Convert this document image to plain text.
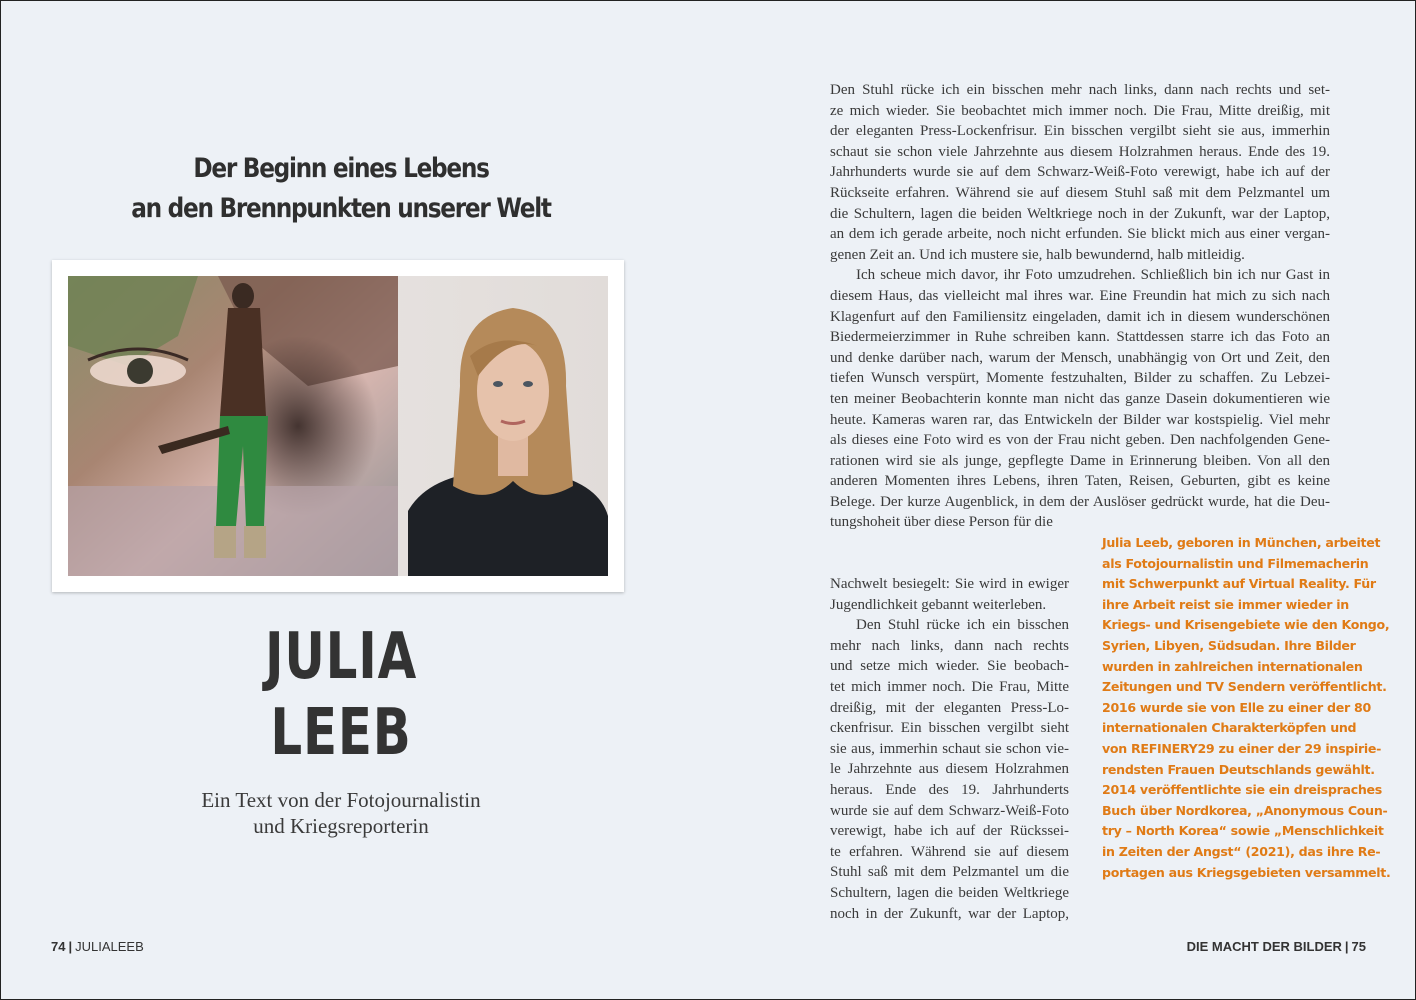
Der Beginn eines Lebens
an den Brennpunkten unserer Welt
JULIA
LEEB
Ein Text von der Fotojournalistin
und Kriegsreporterin
74 | JULIALEEB
Den Stuhl rücke ich ein bisschen mehr nach links, dann nach rechts und set-
ze mich wieder. Sie beobachtet mich immer noch. Die Frau, Mitte dreißig, mit
der eleganten Press-Lockenfrisur. Ein bisschen vergilbt sieht sie aus, immerhin
schaut sie schon viele Jahrzehnte aus diesem Holzrahmen heraus. Ende des 19.
Jahrhunderts wurde sie auf dem Schwarz-Weiß-Foto verewigt, habe ich auf der
Rückseite erfahren. Während sie auf diesem Stuhl saß mit dem Pelzmantel um
die Schultern, lagen die beiden Weltkriege noch in der Zukunft, war der Laptop,
an dem ich gerade arbeite, noch nicht erfunden. Sie blickt mich aus einer vergan-
genen Zeit an. Und ich mustere sie, halb bewundernd, halb mitleidig.
Ich scheue mich davor, ihr Foto umzudrehen. Schließlich bin ich nur Gast in
diesem Haus, das vielleicht mal ihres war. Eine Freundin hat mich zu sich nach
Klagenfurt auf den Familiensitz eingeladen, damit ich in diesem wunderschönen
Biedermeierzimmer in Ruhe schreiben kann. Stattdessen starre ich das Foto an
und denke darüber nach, warum der Mensch, unabhängig von Ort und Zeit, den
tiefen Wunsch verspürt, Momente festzuhalten, Bilder zu schaffen. Zu Lebzei-
ten meiner Beobachterin konnte man nicht das ganze Dasein dokumentieren wie
heute. Kameras waren rar, das Entwickeln der Bilder war kostspielig. Viel mehr
als dieses eine Foto wird es von der Frau nicht geben. Den nachfolgenden Gene-
rationen wird sie als junge, gepflegte Dame in Erinnerung bleiben. Von all den
anderen Momenten ihres Lebens, ihren Taten, Reisen, Geburten, gibt es keine
Belege. Der kurze Augenblick, in dem der Auslöser gedrückt wurde, hat die Deu-
tungshoheit über diese Person für die
Nachwelt besiegelt: Sie wird in ewiger
Jugendlichkeit gebannt weiterleben.
Den Stuhl rücke ich ein bisschen
mehr nach links, dann nach rechts
und setze mich wieder. Sie beobach-
tet mich immer noch. Die Frau, Mitte
dreißig, mit der eleganten Press-Lo-
ckenfrisur. Ein bisschen vergilbt sieht
sie aus, immerhin schaut sie schon vie-
le Jahrzehnte aus diesem Holzrahmen
heraus. Ende des 19. Jahrhunderts
wurde sie auf dem Schwarz-Weiß-Foto
verewigt, habe ich auf der Rückssei-
te erfahren. Während sie auf diesem
Stuhl saß mit dem Pelzmantel um die
Schultern, lagen die beiden Weltkriege
noch in der Zukunft, war der Laptop,
Julia Leeb, geboren in München, arbeitet
als Fotojournalistin und Filmemacherin
mit Schwerpunkt auf Virtual Reality. Für
ihre Arbeit reist sie immer wieder in
Kriegs- und Krisengebiete wie den Kongo,
Syrien, Libyen, Südsudan. Ihre Bilder
wurden in zahlreichen internationalen
Zeitungen und TV Sendern veröffentlicht.
2016 wurde sie von Elle zu einer der 80
internationalen Charakterköpfen und
von REFINERY29 zu einer der 29 inspirie-
rendsten Frauen Deutschlands gewählt.
2014 veröffentlichte sie ein dreispraches
Buch über Nordkorea, „Anonymous Coun-
try – North Korea“ sowie „Menschlichkeit
in Zeiten der Angst“ (2021), das ihre Re-
portagen aus Kriegsgebieten versammelt.
DIE MACHT DER BILDER | 75
